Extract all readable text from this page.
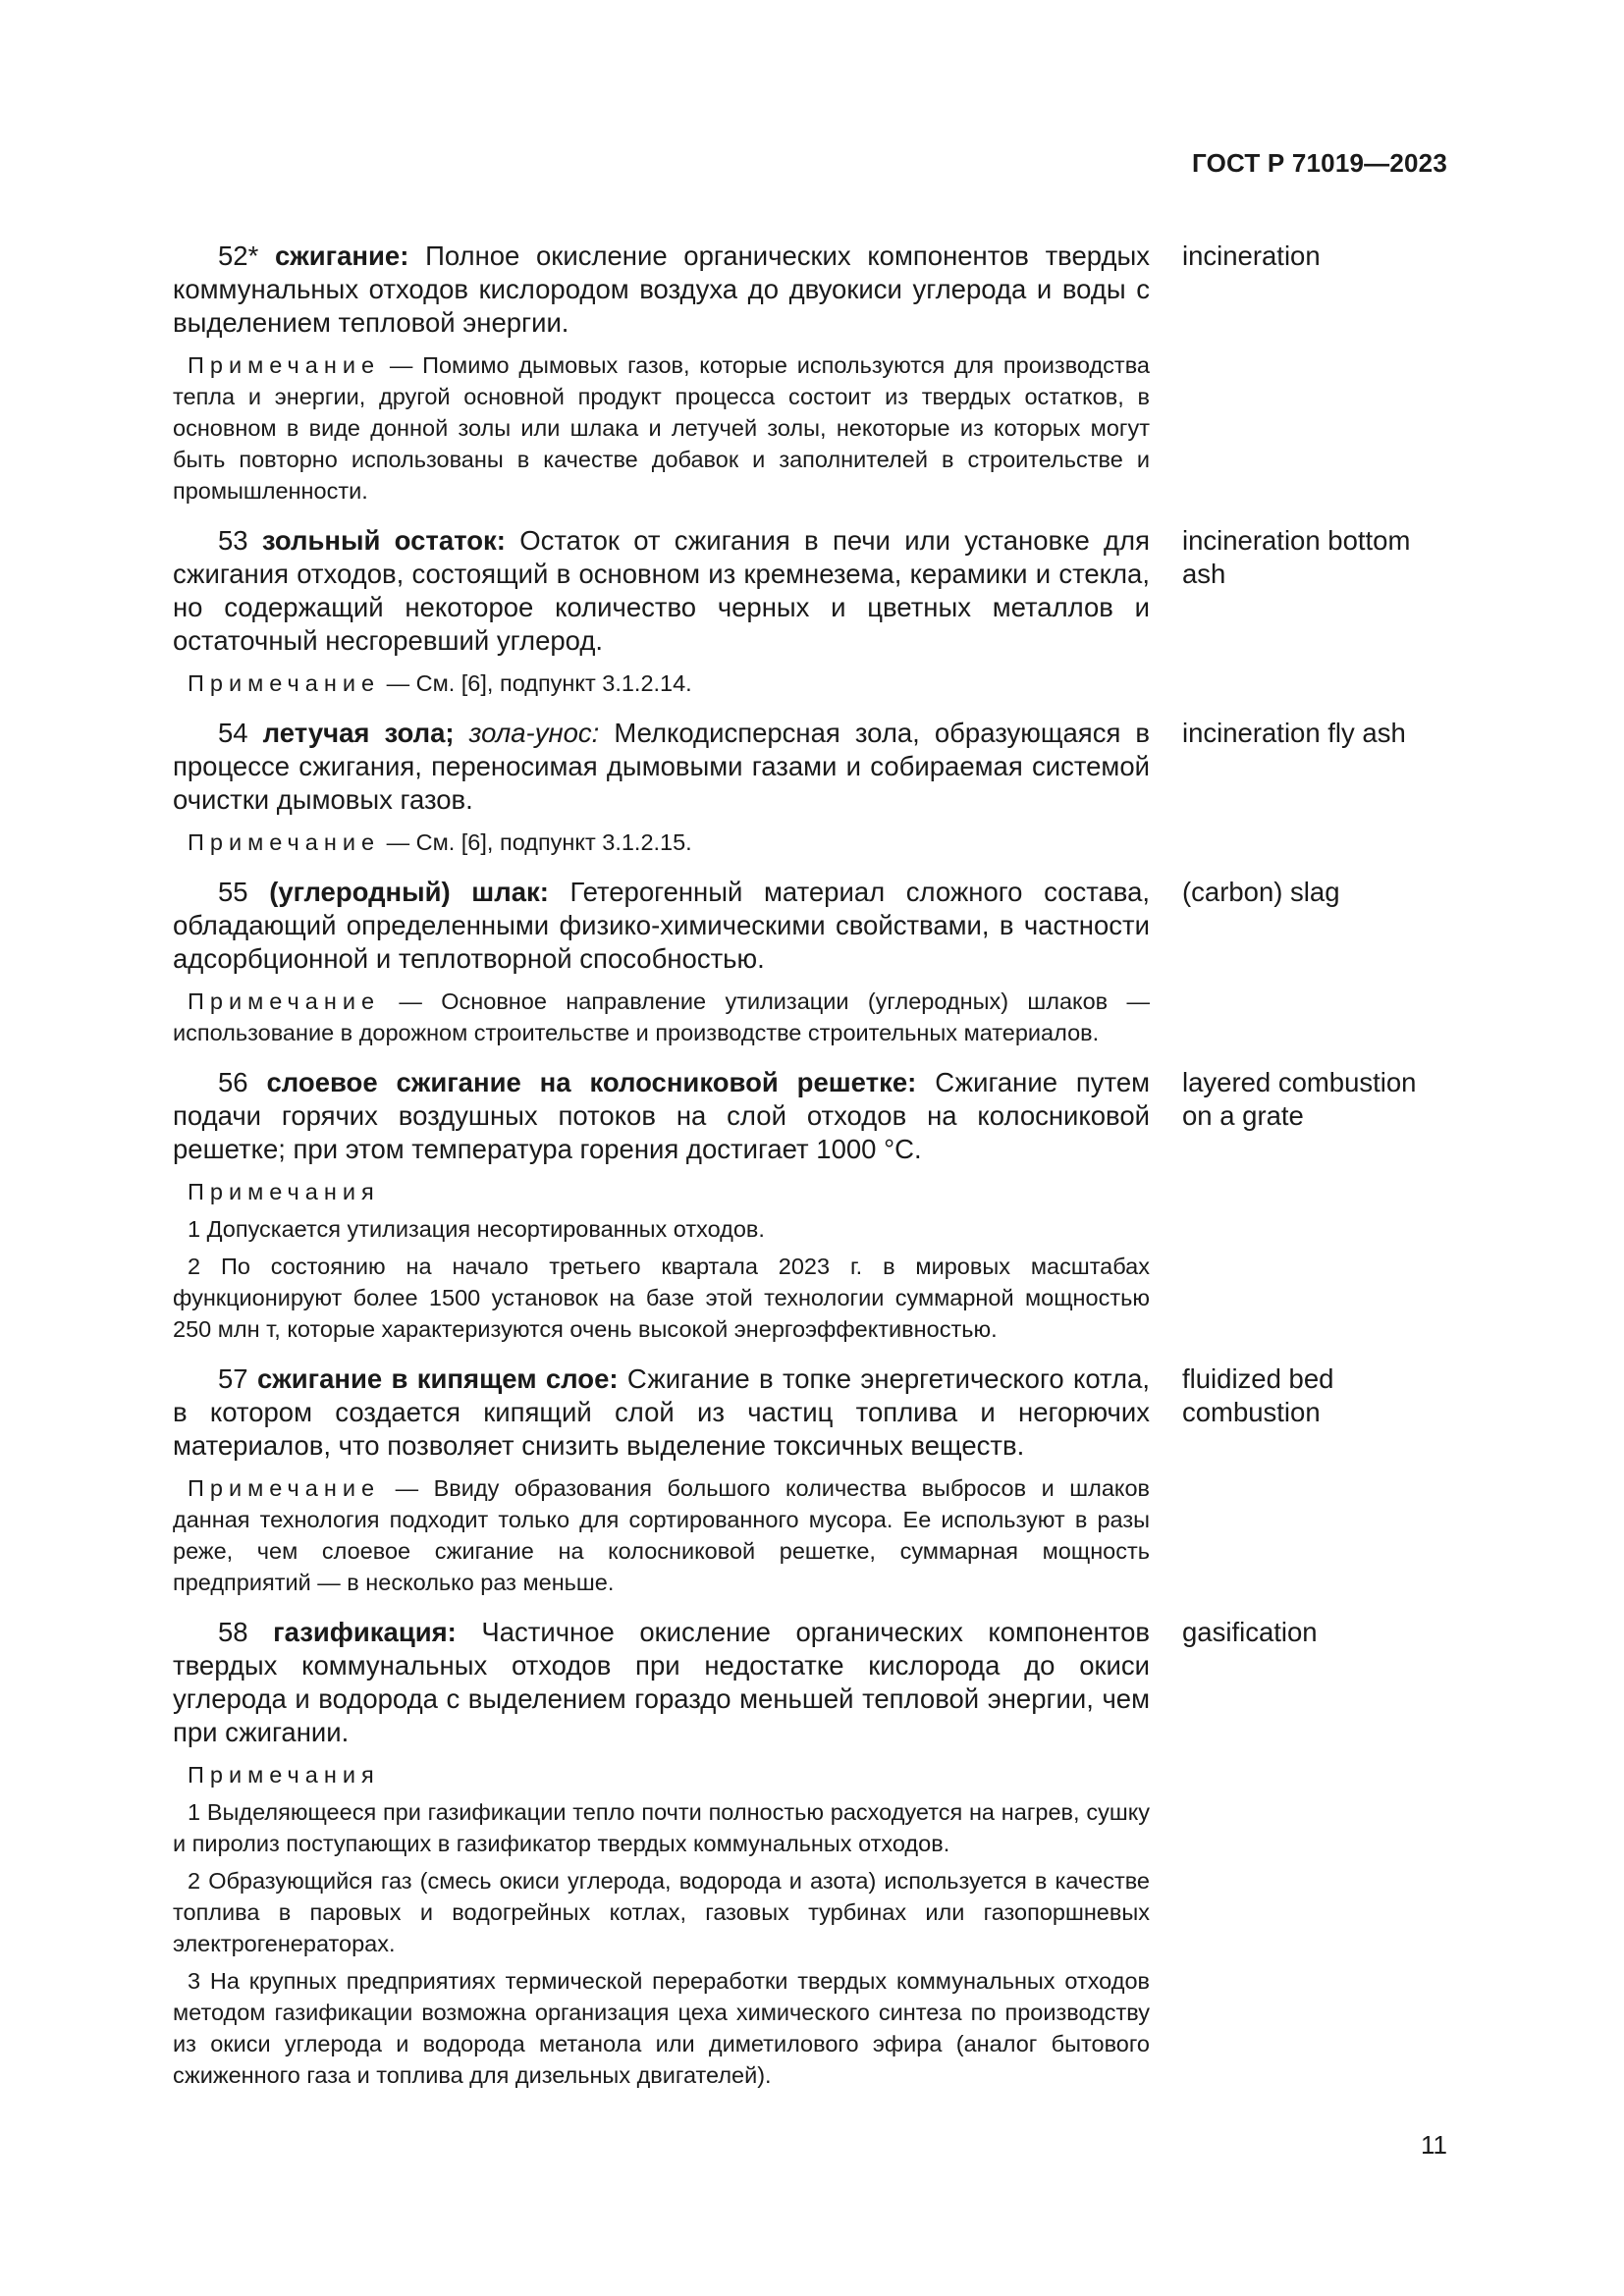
ГОСТ Р 71019—2023
52* сжигание: Полное окисление органических компонентов твердых коммунальных отходов кислородом воздуха до двуокиси углерода и воды с выделением тепловой энергии.
incineration
Примечание — Помимо дымовых газов, которые используются для производства тепла и энергии, другой основной продукт процесса состоит из твердых остатков, в основном в виде донной золы или шлака и летучей золы, некоторые из которых могут быть повторно использованы в качестве добавок и заполнителей в строительстве и промышленности.
53 зольный остаток: Остаток от сжигания в печи или установке для сжигания отходов, состоящий в основном из кремнезема, керамики и стекла, но содержащий некоторое количество черных и цветных металлов и остаточный несгоревший углерод.
incineration bottom ash
Примечание — См. [6], подпункт 3.1.2.14.
54 летучая зола; зола-унос: Мелкодисперсная зола, образующаяся в процессе сжигания, переносимая дымовыми газами и собираемая системой очистки дымовых газов.
incineration fly ash
Примечание — См. [6], подпункт 3.1.2.15.
55 (углеродный) шлак: Гетерогенный материал сложного состава, обладающий определенными физико-химическими свойствами, в частности адсорбционной и теплотворной способностью.
(carbon) slag
Примечание — Основное направление утилизации (углеродных) шлаков — использование в дорожном строительстве и производстве строительных материалов.
56 слоевое сжигание на колосниковой решетке: Сжигание путем подачи горячих воздушных потоков на слой отходов на колосниковой решетке; при этом температура горения достигает 1000 °С.
layered combustion on a grate
Примечания
1 Допускается утилизация несортированных отходов.
2 По состоянию на начало третьего квартала 2023 г. в мировых масштабах функционируют более 1500 установок на базе этой технологии суммарной мощностью 250 млн т, которые характеризуются очень высокой энергоэффективностью.
57 сжигание в кипящем слое: Сжигание в топке энергетического котла, в котором создается кипящий слой из частиц топлива и негорючих материалов, что позволяет снизить выделение токсичных веществ.
fluidized bed combustion
Примечание — Ввиду образования большого количества выбросов и шлаков данная технология подходит только для сортированного мусора. Ее используют в разы реже, чем слоевое сжигание на колосниковой решетке, суммарная мощность предприятий — в несколько раз меньше.
58 газификация: Частичное окисление органических компонентов твердых коммунальных отходов при недостатке кислорода до окиси углерода и водорода с выделением гораздо меньшей тепловой энергии, чем при сжигании.
gasification
Примечания
1 Выделяющееся при газификации тепло почти полностью расходуется на нагрев, сушку и пиролиз поступающих в газификатор твердых коммунальных отходов.
2 Образующийся газ (смесь окиси углерода, водорода и азота) используется в качестве топлива в паровых и водогрейных котлах, газовых турбинах или газопоршневых электрогенераторах.
3 На крупных предприятиях термической переработки твердых коммунальных отходов методом газификации возможна организация цеха химического синтеза по производству из окиси углерода и водорода метанола или диметилового эфира (аналог бытового сжиженного газа и топлива для дизельных двигателей).
11
